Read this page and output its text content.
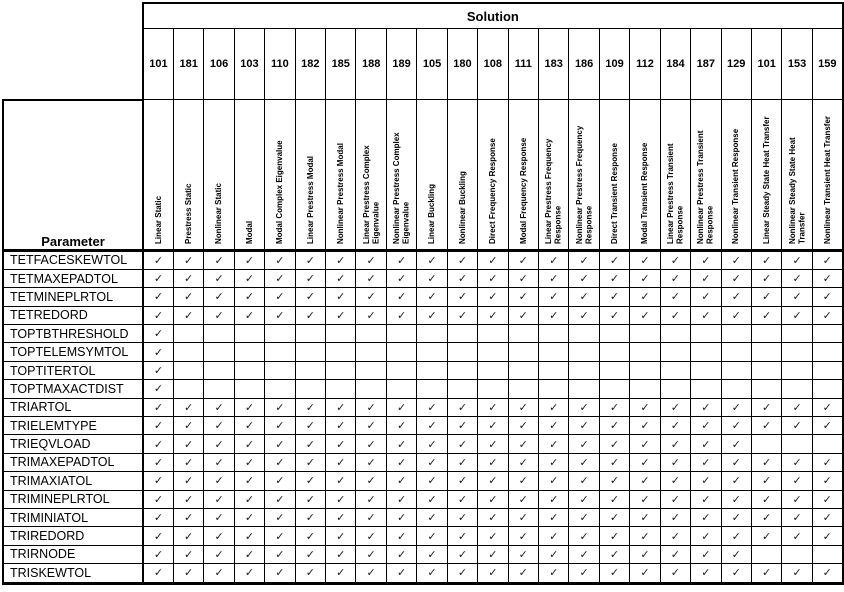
	Solution																						
	101	181	106	103	110	182	185	188	189	105	180	108	111	183	186	109	112	184	187	129	101	153	159
Parameter	Linear Static	Prestress Static	Nonlinear Static	Modal	Modal Complex Eigenvalue	Linear Prestress Modal	Nonlinear Prestress Modal	Linear Prestress Complex Eigenvalue	Nonlinear Prestress Complex Eigenvalue	Linear Buckling	Nonlinear Buckling	Direct Frequency Response	Modal Frequency Response	Linear Prestress Frequency Response	Nonlinear Prestress Frequency Response	Direct Transient Response	Modal Transient Response	Linear Prestress Transient Response	Nonlinear Prestress Transient Response	Nonlinear Transient Response	Linear Steady State Heat Transfer	Nonlinear Steady State Heat Transfer	Nonlinear Transient Heat Transfer

TETFACESKEWTOL	✓	✓	✓	✓	✓	✓	✓	✓	✓	✓	✓	✓	✓	✓	✓	✓	✓	✓	✓	✓	✓	✓	✓
TETMAXEPADTOL	✓	✓	✓	✓	✓	✓	✓	✓	✓	✓	✓	✓	✓	✓	✓	✓	✓	✓	✓	✓	✓	✓	✓
TETMINEPLRTOL	✓	✓	✓	✓	✓	✓	✓	✓	✓	✓	✓	✓	✓	✓	✓	✓	✓	✓	✓	✓	✓	✓	✓
TETREDORD	✓	✓	✓	✓	✓	✓	✓	✓	✓	✓	✓	✓	✓	✓	✓	✓	✓	✓	✓	✓	✓	✓	✓
TOPTBTHRESHOLD	✓																						
TOPTELEMSYMTOL	✓																						
TOPTITERTOL	✓																						
TOPTMAXACTDIST	✓																						
TRIARTOL	✓	✓	✓	✓	✓	✓	✓	✓	✓	✓	✓	✓	✓	✓	✓	✓	✓	✓	✓	✓	✓	✓	✓
TRIELEMTYPE	✓	✓	✓	✓	✓	✓	✓	✓	✓	✓	✓	✓	✓	✓	✓	✓	✓	✓	✓	✓	✓	✓	✓
TRIEQVLOAD	✓	✓	✓	✓	✓	✓	✓	✓	✓	✓	✓	✓	✓	✓	✓	✓	✓	✓	✓	✓			
TRIMAXEPADTOL	✓	✓	✓	✓	✓	✓	✓	✓	✓	✓	✓	✓	✓	✓	✓	✓	✓	✓	✓	✓	✓	✓	✓
TRIMAXIATOL	✓	✓	✓	✓	✓	✓	✓	✓	✓	✓	✓	✓	✓	✓	✓	✓	✓	✓	✓	✓	✓	✓	✓
TRIMINEPLRTOL	✓	✓	✓	✓	✓	✓	✓	✓	✓	✓	✓	✓	✓	✓	✓	✓	✓	✓	✓	✓	✓	✓	✓
TRIMINIATOL	✓	✓	✓	✓	✓	✓	✓	✓	✓	✓	✓	✓	✓	✓	✓	✓	✓	✓	✓	✓	✓	✓	✓
TRIREDORD	✓	✓	✓	✓	✓	✓	✓	✓	✓	✓	✓	✓	✓	✓	✓	✓	✓	✓	✓	✓	✓	✓	✓
TRIRNODE	✓	✓	✓	✓	✓	✓	✓	✓	✓	✓	✓	✓	✓	✓	✓	✓	✓	✓	✓	✓			
TRISKEWTOL	✓	✓	✓	✓	✓	✓	✓	✓	✓	✓	✓	✓	✓	✓	✓	✓	✓	✓	✓	✓	✓	✓	✓
